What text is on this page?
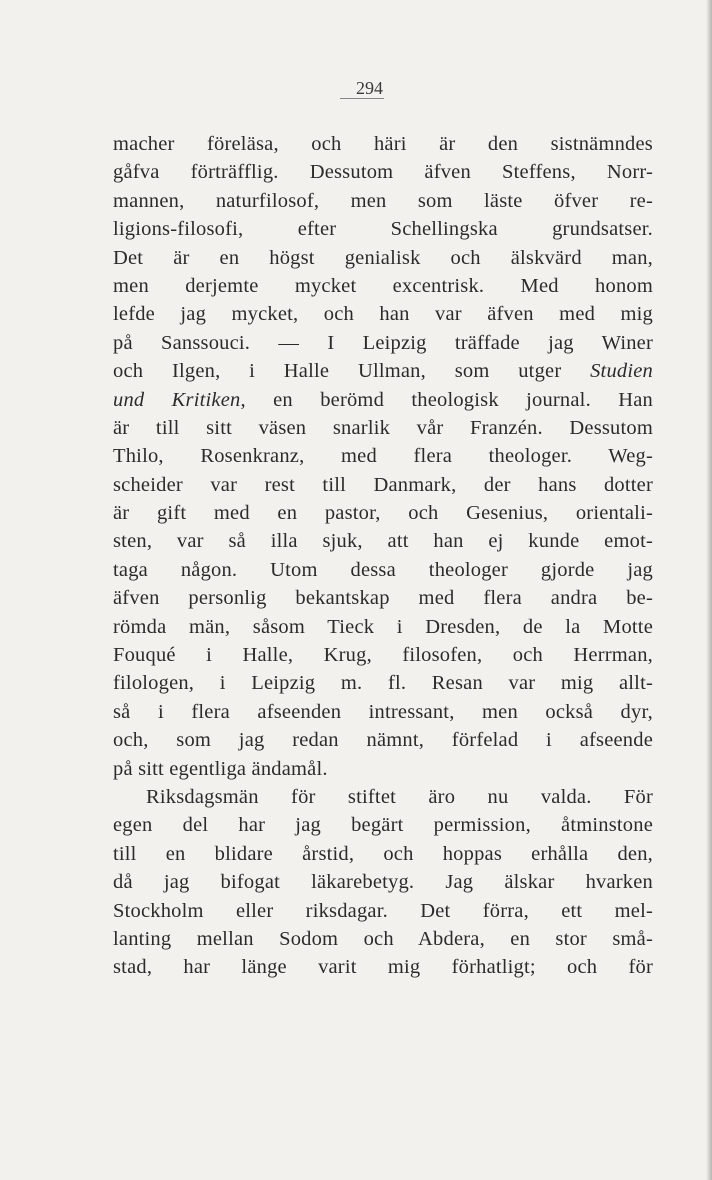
294
macher föreläsa, och häri är den sistnämndes
gåfva förträfflig. Dessutom äfven Steffens, Norr-
mannen, naturfilosof, men som läste öfver re-
ligions-filosofi, efter Schellingska grundsatser.
Det är en högst genialisk och älskvärd man,
men derjemte mycket excentrisk. Med honom
lefde jag mycket, och han var äfven med mig
på Sanssouci. — I Leipzig träffade jag Winer
och Ilgen, i Halle Ullman, som utger Studien
und Kritiken, en berömd theologisk journal. Han
är till sitt väsen snarlik vår Franzén. Dessutom
Thilo, Rosenkranz, med flera theologer. Weg-
scheider var rest till Danmark, der hans dotter
är gift med en pastor, och Gesenius, orientali-
sten, var så illa sjuk, att han ej kunde emot-
taga någon. Utom dessa theologer gjorde jag
äfven personlig bekantskap med flera andra be-
römda män, såsom Tieck i Dresden, de la Motte
Fouqué i Halle, Krug, filosofen, och Herrman,
filologen, i Leipzig m. fl. Resan var mig allt-
så i flera afseenden intressant, men också dyr,
och, som jag redan nämnt, förfelad i afseende
på sitt egentliga ändamål.
Riksdagsmän för stiftet äro nu valda. För
egen del har jag begärt permission, åtminstone
till en blidare årstid, och hoppas erhålla den,
då jag bifogat läkarebetyg. Jag älskar hvarken
Stockholm eller riksdagar. Det förra, ett mel-
lanting mellan Sodom och Abdera, en stor små-
stad, har länge varit mig förhatligt; och för
